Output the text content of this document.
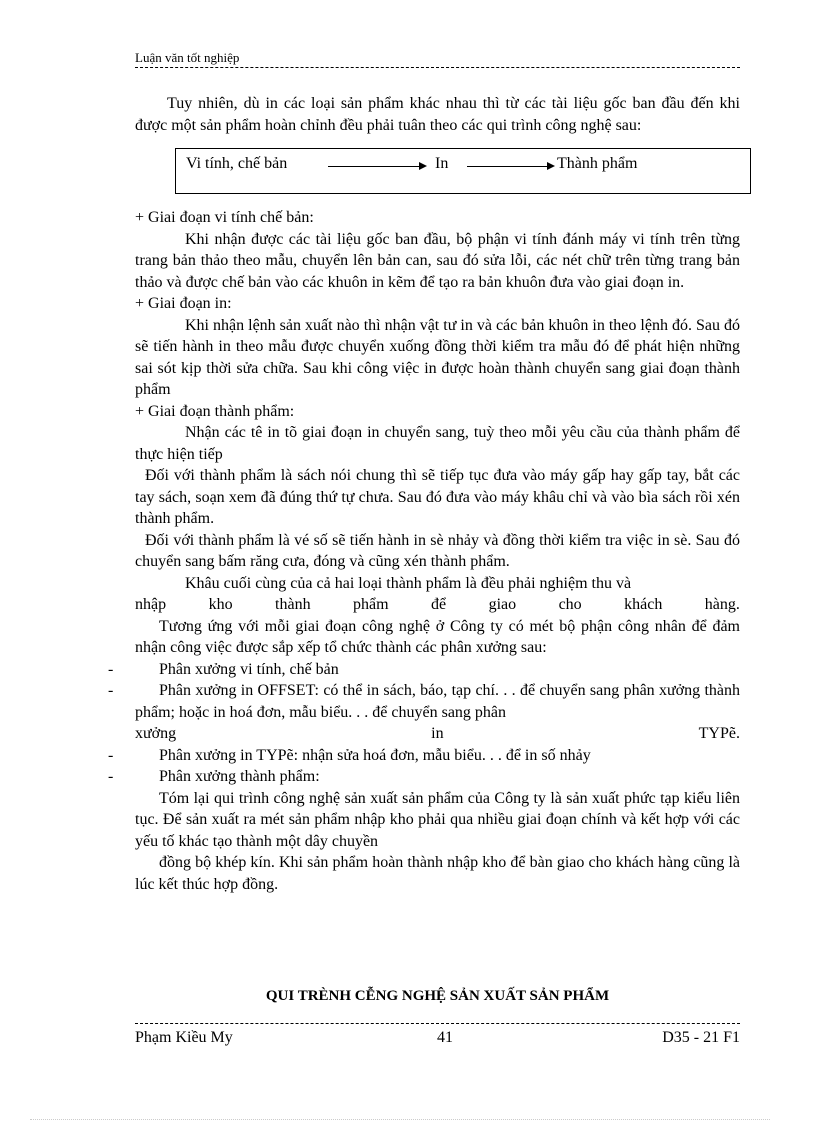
Luận văn tốt nghiệp

Tuy nhiên, dù in các loại sản phẩm khác nhau thì từ các tài liệu gốc ban đầu đến khi được một sản phẩm hoàn chỉnh đều phải tuân theo các qui trình công nghệ sau:

Vi tính, chế bản	In	Thành phẩm

+ Giai đoạn vi tính chế bản:

Khi nhận được các tài liệu gốc ban đầu, bộ phận vi tính đánh máy vi tính trên từng trang bản thảo theo mẫu, chuyển lên bản can, sau đó sửa lỗi, các nét chữ trên từng trang bản thảo và được chế bản vào các khuôn in kẽm để tạo ra bản khuôn đưa vào giai đoạn in.

+ Giai đoạn in:

Khi nhận lệnh sản xuất nào thì nhận vật tư in và các bản khuôn in theo lệnh đó. Sau đó sẽ tiến hành in theo mẫu được chuyển xuống đồng thời kiểm tra mẫu đó để phát hiện những sai sót kịp thời sửa chữa. Sau khi công việc in được hoàn thành chuyển sang giai đoạn thành phẩm

+ Giai đoạn thành phẩm:

Nhận các tê in tõ giai đoạn in chuyển sang, tuỳ theo mỗi yêu cầu của thành phẩm để thực hiện tiếp

Đối với thành phẩm là sách nói chung thì sẽ tiếp tục đưa vào máy gấp hay gấp tay, bắt các tay sách, soạn xem đã đúng thứ tự chưa. Sau đó đưa vào máy khâu chỉ và vào bìa sách rồi xén thành phẩm.

Đối với thành phẩm là vé số sẽ tiến hành in sè nhảy và đồng thời kiểm tra việc in sè. Sau đó chuyển sang bấm răng cưa, đóng và cũng xén thành phẩm.

Khâu cuối cùng của cả hai loại thành phẩm là đều phải nghiệm thu và

nhập	kho	thành	phẩm	để	giao	cho	khách	hàng.

Tương ứng với mỗi giai đoạn công nghệ ở Công ty có mét bộ phận công nhân để đảm nhận công việc được sắp xếp tổ chức thành các phân xưởng sau:

-	Phân xưởng vi tính, chế bản
-	Phân xưởng in OFFSET: có thể in sách, báo, tạp chí. . . để chuyển sang phân xưởng thành phẩm; hoặc in hoá đơn, mẫu biểu. . . để chuyển sang phân

xưởng	in	TYPẽ.
-	Phân xưởng in TYPẽ: nhận sửa hoá đơn, mẫu biểu. . . để in số nhảy
-	Phân xưởng thành phẩm:

Tóm lại qui trình công nghệ sản xuất sản phẩm của Công ty là sản xuất phức tạp kiểu liên tục. Để sản xuất ra mét sản phẩm nhập kho phải qua nhiều giai đoạn chính và kết hợp với các yếu tố khác tạo thành một dây chuyền

đồng bộ khép kín. Khi sản phẩm hoàn thành nhập kho để bàn giao cho khách hàng cũng là lúc kết thúc hợp đồng.

QUI TRÈNH CỄNG NGHỆ SẢN XUẤT SẢN PHẨM
Phạm Kiều My	41	D35 - 21 F1
